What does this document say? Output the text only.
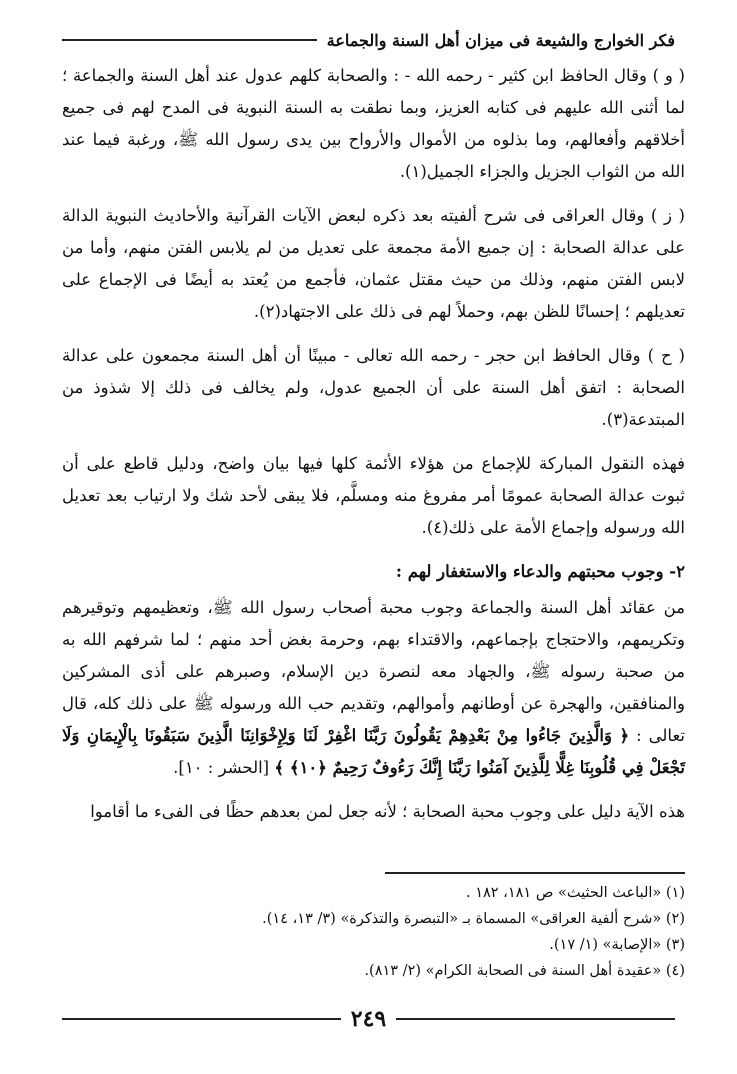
فكر الخوارج والشيعة فى ميزان أهل السنة والجماعة

( و ) وقال الحافظ ابن كثير - رحمه الله - : والصحابة كلهم عدول عند أهل السنة والجماعة ؛ لما أثنى الله عليهم فى كتابه العزيز، وبما نطقت به السنة النبوية فى المدح لهم فى جميع أخلاقهم وأفعالهم، وما بذلوه من الأموال والأرواح بين يدى رسول الله ﷺ، ورغبة فيما عند الله من الثواب الجزيل والجزاء الجميل(١).

( ز ) وقال العراقى فى شرح ألفيته بعد ذكره لبعض الآيات القرآنية والأحاديث النبوية الدالة على عدالة الصحابة : إن جميع الأمة مجمعة على تعديل من لم يلابس الفتن منهم، وأما من لابس الفتن منهم، وذلك من حيث مقتل عثمان، فأجمع من يُعتد به أيضًا فى الإجماع على تعديلهم ؛ إحسانًا للظن بهم، وحملاً لهم فى ذلك على الاجتهاد(٢).

( ح ) وقال الحافظ ابن حجر - رحمه الله تعالى - مبينًا أن أهل السنة مجمعون على عدالة الصحابة : اتفق أهل السنة على أن الجميع عدول، ولم يخالف فى ذلك إلا شذوذ من المبتدعة(٣).

فهذه النقول المباركة للإجماع من هؤلاء الأئمة كلها فيها بيان واضح، ودليل قاطع على أن ثبوت عدالة الصحابة عمومًا أمر مفروغ منه ومسلَّم، فلا يبقى لأحد شك ولا ارتياب بعد تعديل الله ورسوله وإجماع الأمة على ذلك(٤).

٢- وجوب محبتهم والدعاء والاستغفار لهم :

من عقائد أهل السنة والجماعة وجوب محبة أصحاب رسول الله ﷺ، وتعظيمهم وتوقيرهم وتكريمهم، والاحتجاج بإجماعهم، والاقتداء بهم، وحرمة بغض أحد منهم ؛ لما شرفهم الله به من صحبة رسوله ﷺ، والجهاد معه لنصرة دين الإسلام، وصبرهم على أذى المشركين والمنافقين، والهجرة عن أوطانهم وأموالهم، وتقديم حب الله ورسوله ﷺ على ذلك كله، قال تعالى : ﴿ وَالَّذِينَ جَاءُوا مِنْ بَعْدِهِمْ يَقُولُونَ رَبَّنَا اغْفِرْ لَنَا وَلِإِخْوَانِنَا الَّذِينَ سَبَقُونَا بِالْإِيمَانِ وَلَا تَجْعَلْ فِي قُلُوبِنَا غِلًّا لِلَّذِينَ آمَنُوا رَبَّنَا إِنَّكَ رَءُوفٌ رَحِيمٌ ﴿١٠﴾ ﴾ [الحشر : ١٠].

هذه الآية دليل على وجوب محبة الصحابة ؛ لأنه جعل لمن بعدهم حظًا فى الفىء ما أقاموا

(١) «الباعث الحثيث» ص ١٨١، ١٨٢ .

(٢) «شرح ألفية العراقى» المسماة بـ «التبصرة والتذكرة» (٣/ ١٣، ١٤).

(٣) «الإصابة» (١/ ١٧).

(٤) «عقيدة أهل السنة فى الصحابة الكرام» (٢/ ٨١٣).

٢٤٩
